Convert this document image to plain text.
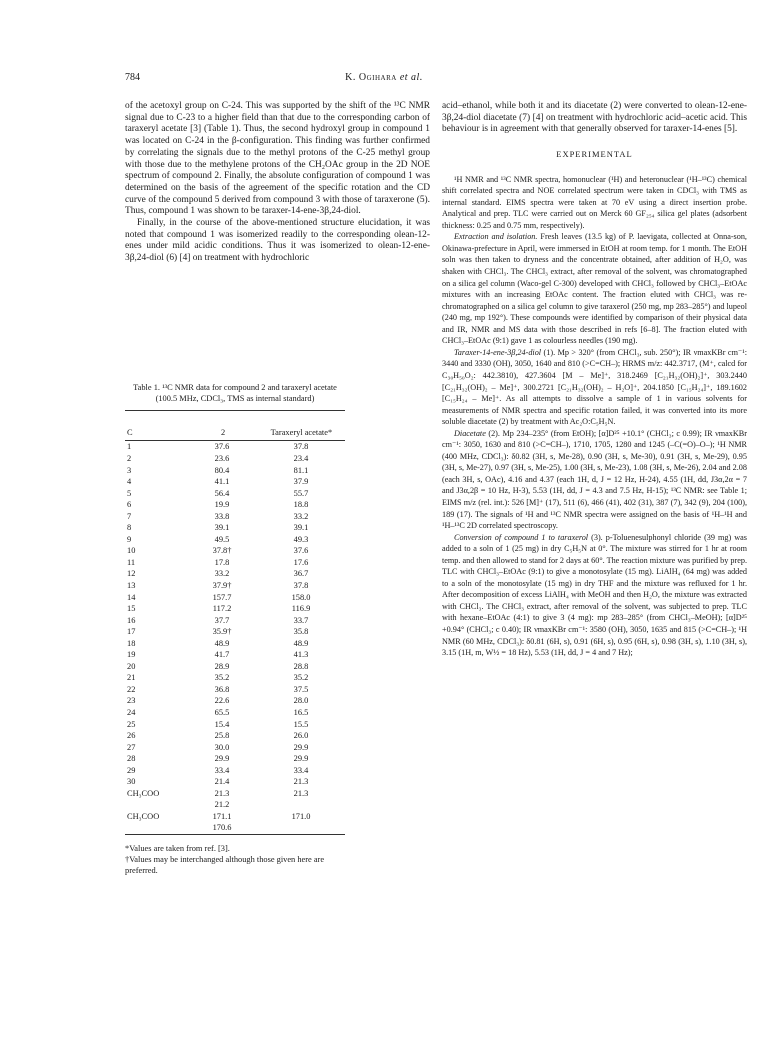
784	K. Ogihara et al.

of the acetoxyl group on C-24. This was supported by the shift of the ¹³C NMR signal due to C-23 to a higher field than that due to the corresponding carbon of taraxeryl acetate [3] (Table 1). Thus, the second hydroxyl group in compound 1 was located on C-24 in the β-configuration. This finding was further confirmed by correlating the signals due to the methyl protons of the C-25 methyl group with those due to the methylene protons of the CH₂OAc group in the 2D NOE spectrum of compound 2. Finally, the absolute configuration of compound 1 was determined on the basis of the agreement of the specific rotation and the CD curve of the compound 5 derived from compound 3 with those of taraxerone (5). Thus, compound 1 was shown to be taraxer-14-ene-3β,24-diol.

Finally, in the course of the above-mentioned structure elucidation, it was noted that compound 1 was isomerized readily to the corresponding olean-12-enes under mild acidic conditions. Thus it was isomerized to olean-12-ene-3β,24-diol (6) [4] on treatment with hydrochloric

Table 1. ¹³C NMR data for compound 2 and taraxeryl acetate (100.5 MHz, CDCl₃, TMS as internal standard)
C	2	Taraxeryl acetate*
1	37.6	37.8
2	23.6	23.4
3	80.4	81.1
4	41.1	37.9
5	56.4	55.7
6	19.9	18.8
7	33.8	33.2
8	39.1	39.1
9	49.5	49.3
10	37.8†	37.6
11	17.8	17.6
12	33.2	36.7
13	37.9†	37.8
14	157.7	158.0
15	117.2	116.9
16	37.7	33.7
17	35.9†	35.8
18	48.9	48.9
19	41.7	41.3
20	28.9	28.8
21	35.2	35.2
22	36.8	37.5
23	22.6	28.0
24	65.5	16.5
25	15.4	15.5
26	25.8	26.0
27	30.0	29.9
28	29.9	29.9
29	33.4	33.4
30	21.4	21.3
CH₃COO	21.3	21.3
	21.2	
CH₃COO	171.1	171.0
	170.6	
*Values are taken from ref. [3].
†Values may be interchanged although those given here are preferred.

acid–ethanol, while both it and its diacetate (2) were converted to olean-12-ene-3β,24-diol diacetate (7) [4] on treatment with hydrochloric acid–acetic acid. This behaviour is in agreement with that generally observed for taraxer-14-enes [5].

EXPERIMENTAL

¹H NMR and ¹³C NMR spectra, homonuclear (¹H) and heteronuclear (¹H–¹³C) chemical shift correlated spectra and NOE correlated spectrum were taken in CDCl₃ with TMS as internal standard. EIMS spectra were taken at 70 eV using a direct insertion probe. Analytical and prep. TLC were carried out on Merck 60 GF₂₅₄ silica gel plates (adsorbent thickness: 0.25 and 0.75 mm, respectively).

Extraction and isolation. Fresh leaves (13.5 kg) of P. laevigata, collected at Onna-son, Okinawa-prefecture in April, were immersed in EtOH at room temp. for 1 month. The EtOH soln was then taken to dryness and the concentrate obtained, after addition of H₂O, was shaken with CHCl₃. The CHCl₃ extract, after removal of the solvent, was chromatographed on a silica gel column (Waco-gel C-300) developed with CHCl₃ followed by CHCl₃–EtOAc mixtures with an increasing EtOAc content. The fraction eluted with CHCl₃ was re-chromatographed on a silica gel column to give taraxerol (250 mg, mp 283–285°) and lupeol (240 mg, mp 192°). These compounds were identified by comparison of their physical data and IR, NMR and MS data with those described in refs [6–8]. The fraction eluted with CHCl₃–EtOAc (9:1) gave 1 as colourless needles (190 mg).

Taraxer-14-ene-3β,24-diol (1). Mp > 320° (from CHCl₃, sub. 250°); IR νmaxKBr cm⁻¹: 3440 and 3330 (OH), 3050, 1640 and 810 (>C=CH–); HRMS m/z: 442.3717, (M⁺, calcd for C₃₀H₅₀O₂: 442.3810), 427.3604 [M – Me]⁺, 318.2469 [C₂₁H₃₂(OH)₂]⁺, 303.2440 [C₂₁H₃₂(OH)₂ – Me]⁺, 300.2721 [C₂₁H₃₂(OH)₂ – H₂O]⁺, 204.1850 [C₁₅H₂₄]⁺, 189.1602 [C₁₅H₂₄ – Me]⁺. As all attempts to dissolve a sample of 1 in various solvents for measurements of NMR spectra and specific rotation failed, it was converted into its more soluble diacetate (2) by treatment with Ac₂O:C₅H₅N.

Diacetate (2). Mp 234–235° (from EtOH); [α]D²⁵ +10.1° (CHCl₃; c 0.99); IR νmaxKBr cm⁻¹: 3050, 1630 and 810 (>C=CH–), 1710, 1705, 1280 and 1245 (–C(=O)–O–); ¹H NMR (400 MHz, CDCl₃): δ0.82 (3H, s, Me-28), 0.90 (3H, s, Me-30), 0.91 (3H, s, Me-29), 0.95 (3H, s, Me-27), 0.97 (3H, s, Me-25), 1.00 (3H, s, Me-23), 1.08 (3H, s, Me-26), 2.04 and 2.08 (each 3H, s, OAc), 4.16 and 4.37 (each 1H, d, J = 12 Hz, H-24), 4.55 (1H, dd, J3α,2α = 7 and J3α,2β = 10 Hz, H-3), 5.53 (1H, dd, J = 4.3 and 7.5 Hz, H-15); ¹³C NMR: see Table 1; EIMS m/z (rel. int.): 526 [M]⁺ (17), 511 (6), 466 (41), 402 (31), 387 (7), 342 (9), 204 (100), 189 (17). The signals of ¹H and ¹³C NMR spectra were assigned on the basis of ¹H–¹H and ¹H–¹³C 2D correlated spectroscopy.

Conversion of compound 1 to taraxerol (3). p-Toluenesulphonyl chloride (39 mg) was added to a soln of 1 (25 mg) in dry C₅H₅N at 0°. The mixture was stirred for 1 hr at room temp. and then allowed to stand for 2 days at 60°. The reaction mixture was purified by prep. TLC with CHCl₃–EtOAc (9:1) to give a monotosylate (15 mg). LiAlH₄ (64 mg) was added to a soln of the monotosylate (15 mg) in dry THF and the mixture was refluxed for 1 hr. After decomposition of excess LiAlH₄ with MeOH and then H₂O, the mixture was extracted with CHCl₃. The CHCl₃ extract, after removal of the solvent, was subjected to prep. TLC with hexane–EtOAc (4:1) to give 3 (4 mg): mp 283–285° (from CHCl₃–MeOH); [α]D²⁵ +0.94° (CHCl₃; c 0.40); IR νmaxKBr cm⁻¹: 3580 (OH), 3050, 1635 and 815 (>C=CH–); ¹H NMR (60 MHz, CDCl₃): δ0.81 (6H, s), 0.91 (6H, s), 0.95 (6H, s), 0.98 (3H, s), 1.10 (3H, s), 3.15 (1H, m, W½ = 18 Hz), 5.53 (1H, dd, J = 4 and 7 Hz);
